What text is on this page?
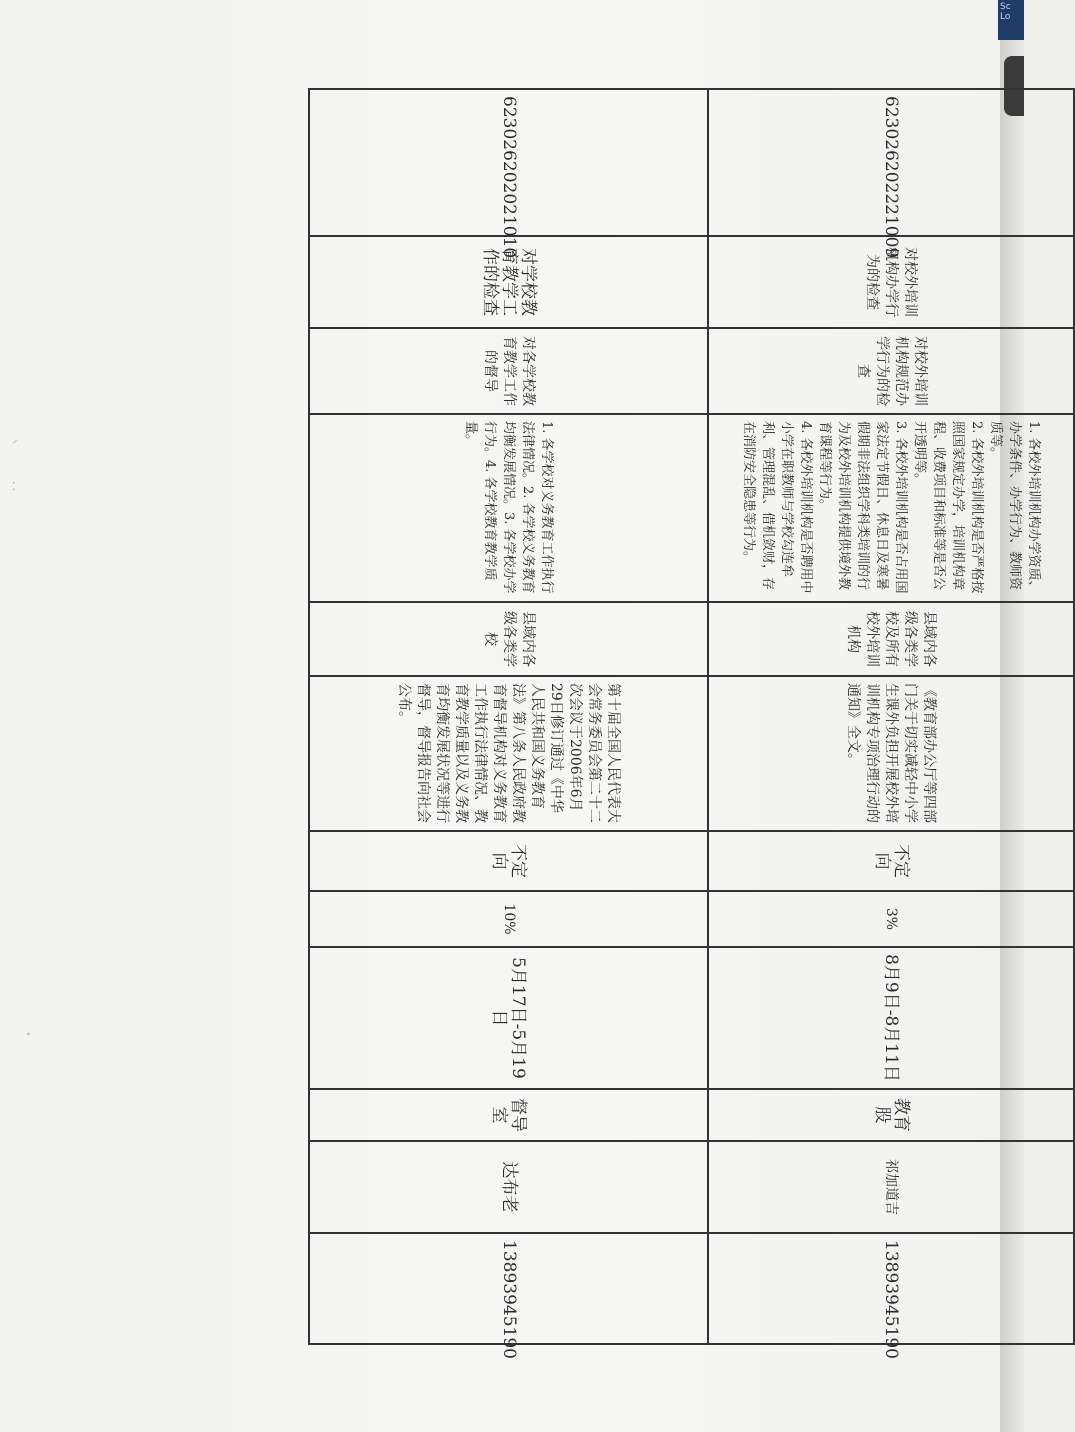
Sc Lo
⸝
⁚
ᐩ
623026202221009	对校外培训机构办学行为的检查	对校外培训机构规范办学行为的检查	1. 各校外培训机构办学资质、办学条件、办学行为、教师资质等。
2. 各校外培训机构是否严格按照国家规定办学，培训机构章程、收费项目和标准等是否公开透明等。
3. 各校外培训机构是否占用国家法定节假日、休息日及寒暑假期非法组织学科类培训的行为及校外培训机构提供境外教育课程等行为。
4. 各校外培训机构是否聘用中小学在职教师与学校勾连牟利、管理混乱、借机敛财，存在消防安全隐患等行为。	县域内各级各类学校及所有校外培训机构	《教育部办公厅等四部门关于切实减轻中小学生课外负担开展校外培训机构专项治理行动的通知》全文。	不定向	3%	8月9日-8月11日	教育股	祁加道吉	13893945190
623026202021010	对学校教育教学工作的检查	对各学校教育教学工作的督导	1. 各学校对义务教育工作执行法律情况。2. 各学校义务教育均衡发展情况。3. 各学校办学行为。4. 各学校教育教学质量。	县域内各级各类学校	第十届全国人民代表大会常务委员会第二十二次会议于2006年6月29日修订通过《中华人民共和国义务教育法》第八条人民政府教育督导机构对义务教育工作执行法律情况、教育教学质量以及义务教育均衡发展状况等进行督导，督导报告向社会公布。	不定向	10%	5月17日-5月19日	督导室	达布老	13893945190
